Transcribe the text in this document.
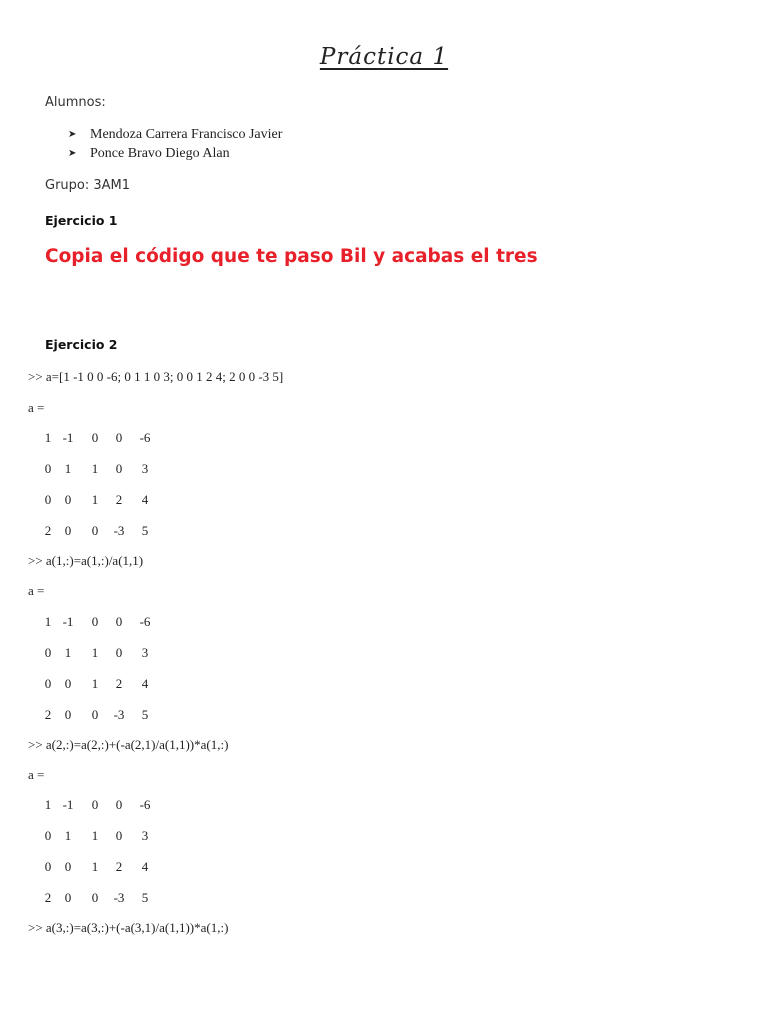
Práctica 1
Alumnos:
➤ Mendoza Carrera Francisco Javier
➤ Ponce Bravo Diego Alan
Grupo: 3AM1
Ejercicio 1
Copia el código que te paso Bil y acabas el tres
Ejercicio 2
>> a=[1 -1 0 0 -6; 0 1 1 0 3; 0 0 1 2 4; 2 0 0 -3 5]
a =
1 -1	0	0	-6
0	1	1	0	3
0	0	1	2	4
2	0	0	-3	5
>> a(1,:)=a(1,:)/a(1,1)
a =
1 -1	0	0	-6
0	1	1	0	3
0	0	1	2	4
2	0	0	-3	5
>> a(2,:)=a(2,:)+(-a(2,1)/a(1,1))*a(1,:)
a =
1 -1	0	0	-6
0	1	1	0	3
0	0	1	2	4
2	0	0	-3	5
>> a(3,:)=a(3,:)+(-a(3,1)/a(1,1))*a(1,:)
